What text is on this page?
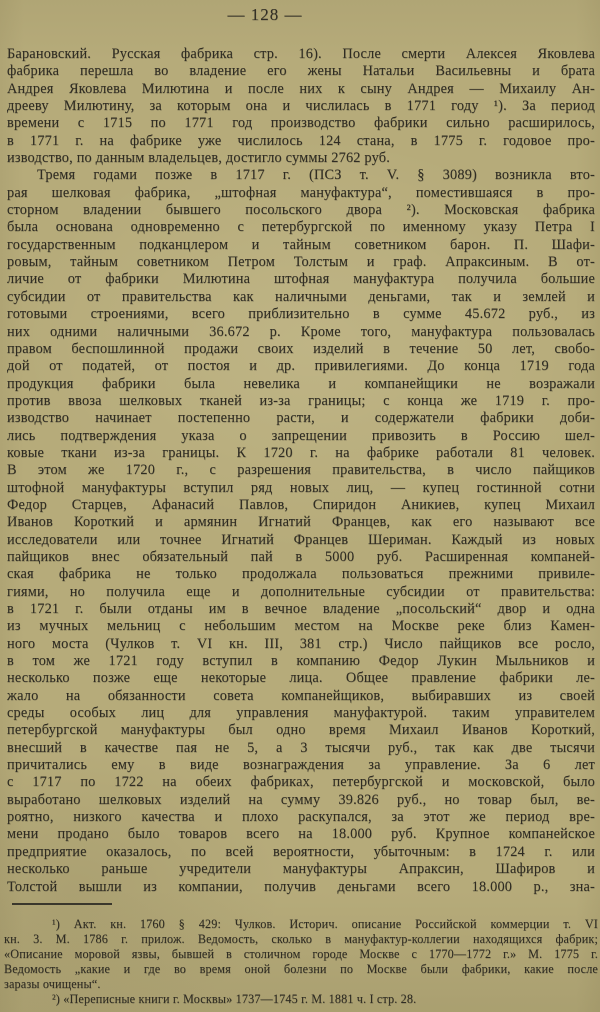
— 128 —
Барановский. Русская фабрика стр. 16). После смерти Алексея Яковлева
фабрика перешла во владение его жены Натальи Васильевны и брата
Андрея Яковлева Милютина и после них к сыну Андрея — Михаилу Ан-
дрееву Милютину, за которым она и числилась в 1771 году ¹). За период
времени с 1715 по 1771 год производство фабрики сильно расширилось,
в 1771 г. на фабрике уже числилось 124 стана, в 1775 г. годовое про-
изводство, по данным владельцев, достигло суммы 2762 руб.
Тремя годами позже в 1717 г. (ПСЗ т. V. § 3089) возникла вто-
рая шелковая фабрика, „штофная мануфактура“, поместившаяся в про-
сторном владении бывшего посольского двора ²). Московская фабрика
была основана одновременно с петербургской по именному указу Петра I
государственным подканцлером и тайным советником барон. П. Шафи-
ровым, тайным советником Петром Толстым и граф. Апраксиным. В от-
личие от фабрики Милютина штофная мануфактура получила большие
субсидии от правительства как наличными деньгами, так и землей и
готовыми строениями, всего приблизительно в сумме 45.672 руб., из
них одними наличными 36.672 р. Кроме того, мануфактура пользовалась
правом беспошлинной продажи своих изделий в течение 50 лет, свобо-
дой от податей, от постоя и др. привилегиями. До конца 1719 года
продукция фабрики была невелика и компанейщики не возражали
против ввоза шелковых тканей из-за границы; с конца же 1719 г. про-
изводство начинает постепенно расти, и содержатели фабрики доби-
лись подтверждения указа о запрещении привозить в Россию шел-
ковые ткани из-за границы. К 1720 г. на фабрике работали 81 человек.
В этом же 1720 г., с разрешения правительства, в число пайщиков
штофной мануфактуры вступил ряд новых лиц, — купец гостинной сотни
Федор Старцев, Афанасий Павлов, Спиридон Аникиев, купец Михаил
Иванов Короткий и армянин Игнатий Францев, как его называют все
исследователи или точнее Игнатий Францев Шериман. Каждый из новых
пайщиков внес обязательный пай в 5000 руб. Расширенная компаней-
ская фабрика не только продолжала пользоваться прежними привиле-
гиями, но получила еще и дополнительные субсидии от правительства:
в 1721 г. были отданы им в вечное владение „посольский“ двор и одна
из мучных мельниц с небольшим местом на Москве реке близ Камен-
ного моста (Чулков т. VI кн. III, 381 стр.) Число пайщиков все росло,
в том же 1721 году вступил в компанию Федор Лукин Мыльников и
несколько позже еще некоторые лица. Общее правление фабрики ле-
жало на обязанности совета компанейщиков, выбиравших из своей
среды особых лиц для управления мануфактурой. таким управителем
петербургской мануфактуры был одно время Михаил Иванов Короткий,
внесший в качестве пая не 5, а 3 тысячи руб., так как две тысячи
причитались ему в виде вознаграждения за управление. За 6 лет
с 1717 по 1722 на обеих фабриках, петербургской и московской, было
выработано шелковых изделий на сумму 39.826 руб., но товар был, ве-
роятно, низкого качества и плохо раскупался, за этот же период вре-
мени продано было товаров всего на 18.000 руб. Крупное компанейское
предприятие оказалось, по всей вероятности, убыточным: в 1724 г. или
несколько раньше учредители мануфактуры Апраксин, Шафиров и
Толстой вышли из компании, получив деньгами всего 18.000 р., зна-
¹) Акт. кн. 1760 § 429: Чулков. Историч. описание Российской коммерции т. VI
кн. 3. М. 1786 г. прилож. Ведомость, сколько в мануфактур-коллегии находящихся фабрик;
«Описание моровой язвы, бывшей в столичном городе Москве с 1770—1772 г.» М. 1775 г.
Ведомость „какие и где во время оной болезни по Москве были фабрики, какие после
заразы очищены“.
²) «Переписные книги г. Москвы» 1737—1745 г. М. 1881 ч. I стр. 28.
